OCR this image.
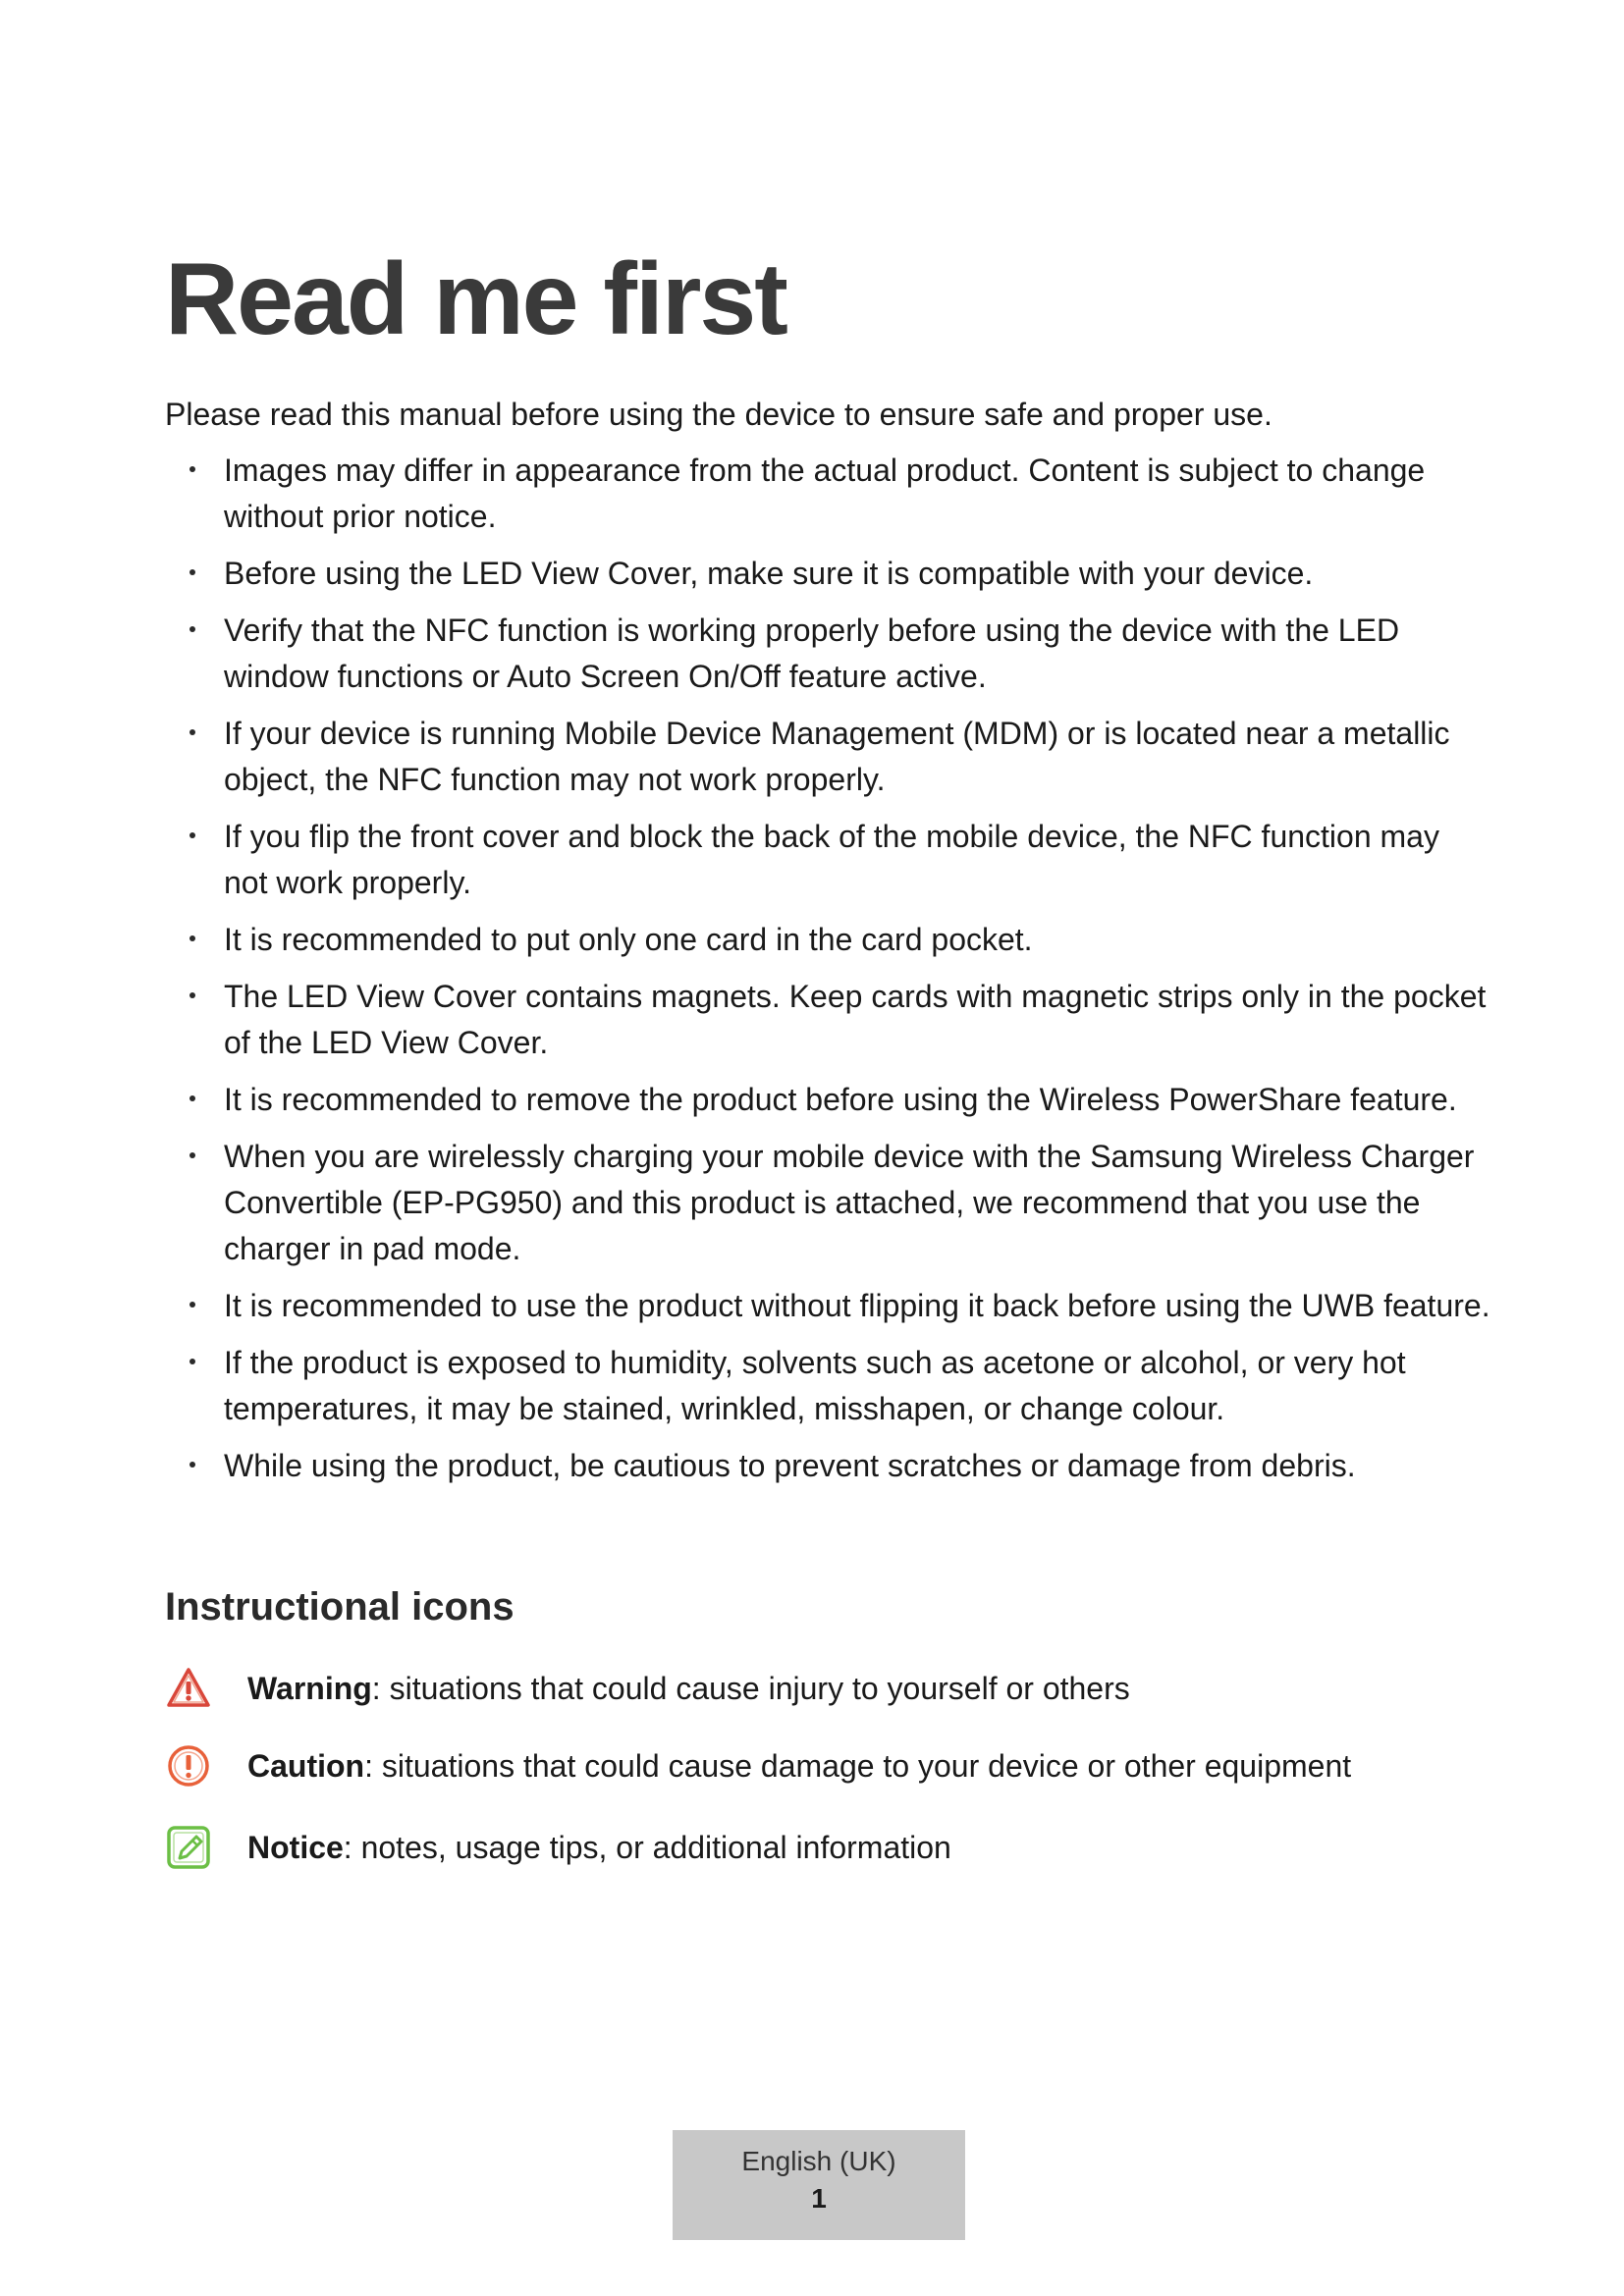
Read me first

Please read this manual before using the device to ensure safe and proper use.

Images may differ in appearance from the actual product. Content is subject to change without prior notice.
Before using the LED View Cover, make sure it is compatible with your device.
Verify that the NFC function is working properly before using the device with the LED window functions or Auto Screen On/Off feature active.
If your device is running Mobile Device Management (MDM) or is located near a metallic object, the NFC function may not work properly.
If you flip the front cover and block the back of the mobile device, the NFC function may not work properly.
It is recommended to put only one card in the card pocket.
The LED View Cover contains magnets. Keep cards with magnetic strips only in the pocket of the LED View Cover.
It is recommended to remove the product before using the Wireless PowerShare feature.
When you are wirelessly charging your mobile device with the Samsung Wireless Charger Convertible (EP-PG950) and this product is attached, we recommend that you use the charger in pad mode.
It is recommended to use the product without flipping it back before using the UWB feature.
If the product is exposed to humidity, solvents such as acetone or alcohol, or very hot temperatures, it may be stained, wrinkled, misshapen, or change colour.
While using the product, be cautious to prevent scratches or damage from debris.
Instructional icons
Warning: situations that could cause injury to yourself or others
Caution: situations that could cause damage to your device or other equipment
Notice: notes, usage tips, or additional information
English (UK)
1
